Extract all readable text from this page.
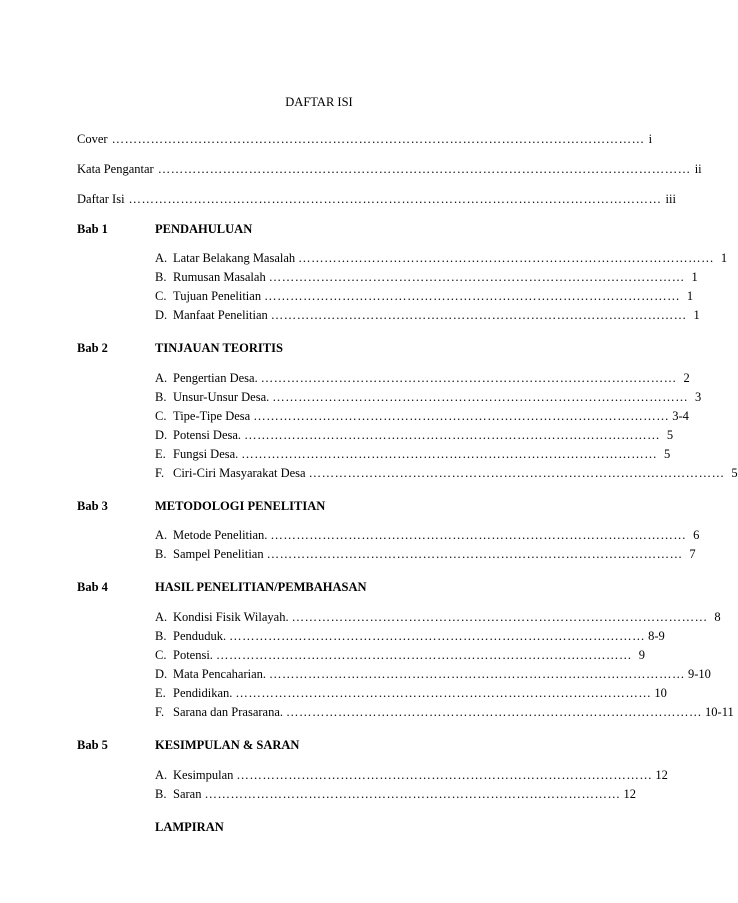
DAFTAR ISI
Cover …………………………………………………………………………………………………………… i
Kata Pengantar …………………………………………………………………………………………………………… ii
Daftar Isi …………………………………………………………………………………………………………… iii
Bab 1	PENDAHULUAN
A. Latar Belakang Masalah …………………………………………………………………………………… 1
B. Rumusan Masalah …………………………………………………………………………………… 1
C. Tujuan Penelitian …………………………………………………………………………………… 1
D. Manfaat Penelitian …………………………………………………………………………………… 1
Bab 2	TINJAUAN TEORITIS
A. Pengertian Desa. …………………………………………………………………………………… 2
B. Unsur-Unsur Desa. …………………………………………………………………………………… 3
C. Tipe-Tipe Desa …………………………………………………………………………………… 3-4
D. Potensi Desa. …………………………………………………………………………………… 5
E. Fungsi Desa. …………………………………………………………………………………… 5
F. Ciri-Ciri Masyarakat Desa …………………………………………………………………………………… 5
Bab 3	METODOLOGI PENELITIAN
A. Metode Penelitian. …………………………………………………………………………………… 6
B. Sampel Penelitian …………………………………………………………………………………… 7
Bab 4	HASIL PENELITIAN/PEMBAHASAN
A. Kondisi Fisik Wilayah. …………………………………………………………………………………… 8
B. Penduduk. …………………………………………………………………………………… 8-9
C. Potensi. …………………………………………………………………………………… 9
D. Mata Pencaharian. …………………………………………………………………………………… 9-10
E. Pendidikan. …………………………………………………………………………………… 10
F. Sarana dan Prasarana. …………………………………………………………………………………… 10-11
Bab 5	KESIMPULAN & SARAN
A. Kesimpulan …………………………………………………………………………………… 12
B. Saran …………………………………………………………………………………… 12
LAMPIRAN
